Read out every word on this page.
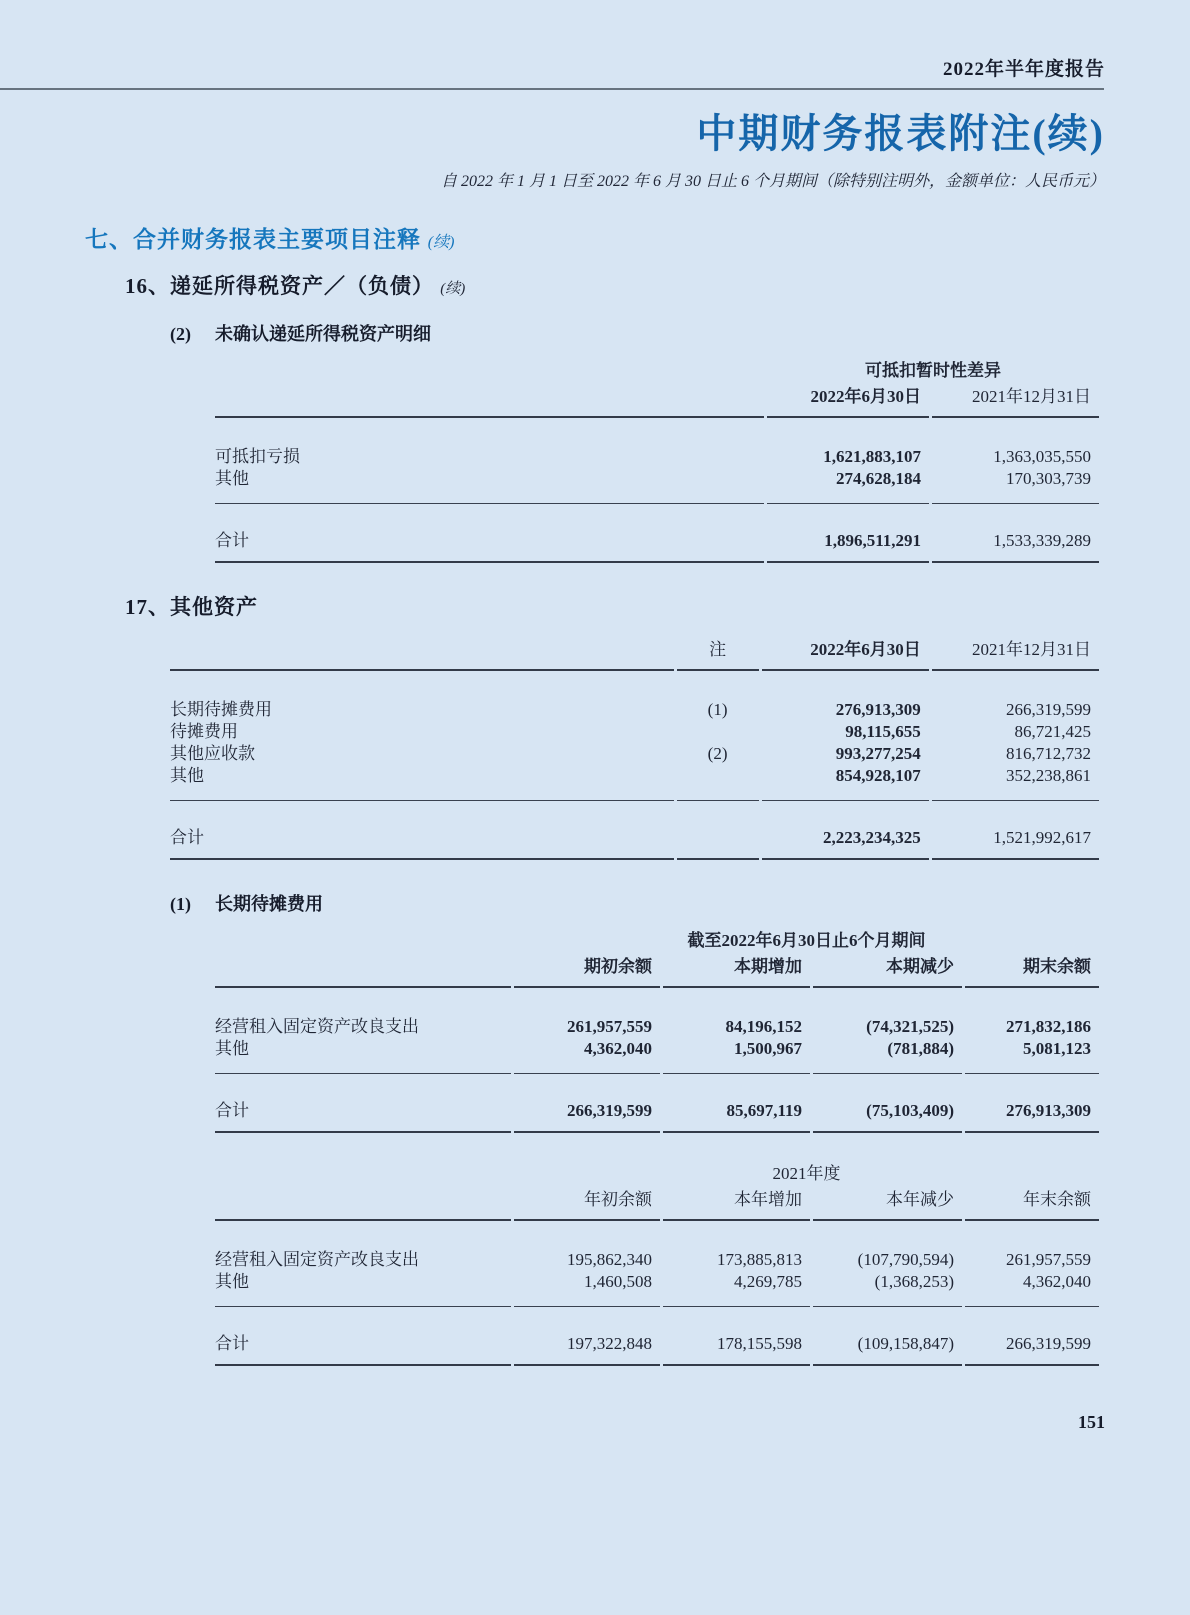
2022年半年度报告
中期财务报表附注(续)
自 2022 年 1 月 1 日至 2022 年 6 月 30 日止 6 个月期间（除特别注明外，金额单位：人民币元）
七、合并财务报表主要项目注释 (续)
16、递延所得税资产／（负债） (续)
(2) 未确认递延所得税资产明细
	可抵扣暂时性差异	
	2022年6月30日	2021年12月31日
可抵扣亏损	1,621,883,107	1,363,035,550
其他	274,628,184	170,303,739
合计	1,896,511,291	1,533,339,289
17、其他资产
	注	2022年6月30日	2021年12月31日
长期待摊费用	(1)	276,913,309	266,319,599
待摊费用		98,115,655	86,721,425
其他应收款	(2)	993,277,254	816,712,732
其他		854,928,107	352,238,861
合计		2,223,234,325	1,521,992,617
(1) 长期待摊费用
	截至2022年6月30日止6个月期间			
	期初余额	本期增加	本期减少	期末余额
经营租入固定资产改良支出	261,957,559	84,196,152	(74,321,525)	271,832,186
其他	4,362,040	1,500,967	(781,884)	5,081,123
合计	266,319,599	85,697,119	(75,103,409)	276,913,309
	2021年度			
	年初余额	本年增加	本年减少	年末余额
经营租入固定资产改良支出	195,862,340	173,885,813	(107,790,594)	261,957,559
其他	1,460,508	4,269,785	(1,368,253)	4,362,040
合计	197,322,848	178,155,598	(109,158,847)	266,319,599
151
